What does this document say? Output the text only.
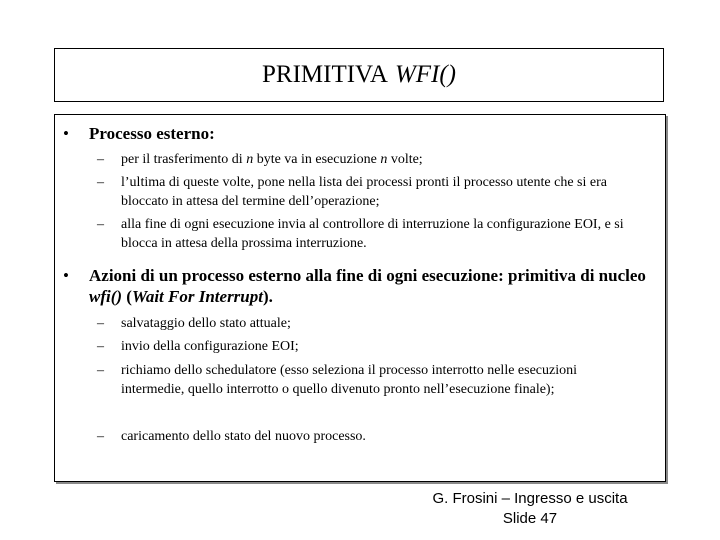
PRIMITIVA WFI()
• Processo esterno:
– per il trasferimento di n byte va in esecuzione n volte;
– l’ultima di queste volte, pone nella lista dei processi pronti il processo utente che si era bloccato in attesa del termine dell’operazione;
– alla fine di ogni esecuzione invia al controllore di interruzione la configurazione EOI, e si blocca in attesa della prossima interruzione.
• Azioni di un processo esterno alla fine di ogni esecuzione: primitiva di nucleo wfi() (Wait For Interrupt).
– salvataggio dello stato attuale;
– invio della configurazione EOI;
– richiamo dello schedulatore (esso seleziona il processo interrotto nelle esecuzioni intermedie, quello interrotto o quello divenuto pronto nell’esecuzione finale);
– caricamento dello stato del nuovo processo.
G. Frosini – Ingresso e uscita
Slide 47
